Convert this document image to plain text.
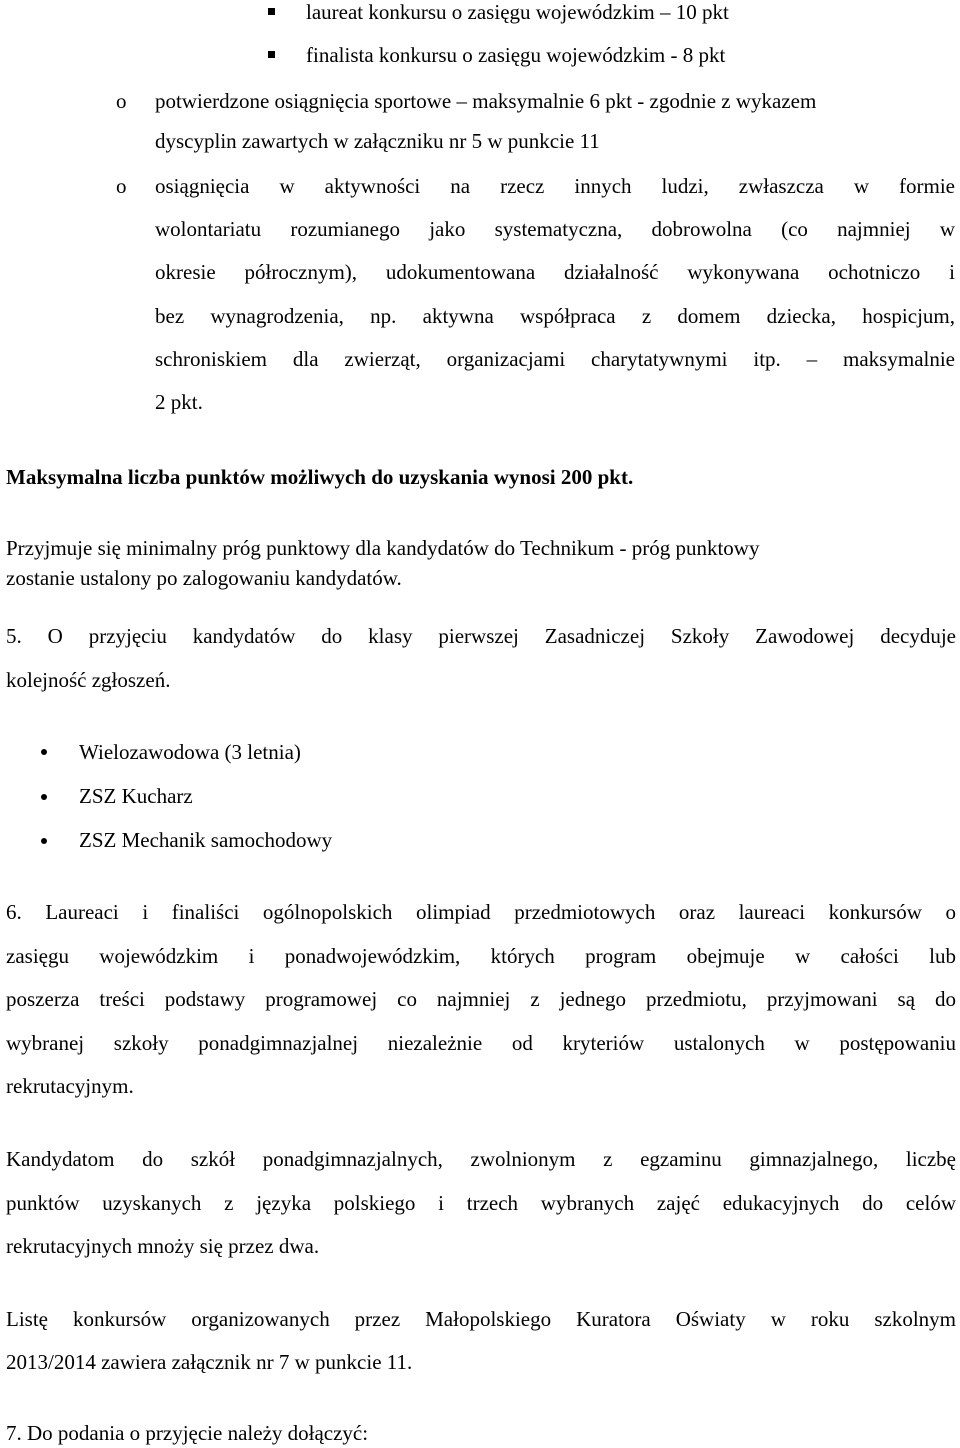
laureat konkursu o zasięgu wojewódzkim – 10 pkt
finalista konkursu o zasięgu wojewódzkim - 8 pkt
o potwierdzone osiągnięcia sportowe – maksymalnie 6 pkt - zgodnie z wykazem
dyscyplin zawartych w załączniku nr 5 w punkcie 11
o osiągnięcia w aktywności na rzecz innych ludzi, zwłaszcza w formie
wolontariatu rozumianego jako systematyczna, dobrowolna (co najmniej w
okresie półrocznym), udokumentowana działalność wykonywana ochotniczo i
bez wynagrodzenia, np. aktywna współpraca z domem dziecka, hospicjum,
schroniskiem dla zwierząt, organizacjami charytatywnymi itp. – maksymalnie
2 pkt.
Maksymalna liczba punktów możliwych do uzyskania wynosi 200 pkt.
Przyjmuje się minimalny próg punktowy dla kandydatów do Technikum - próg punktowy
zostanie ustalony po zalogowaniu kandydatów.
5. O przyjęciu kandydatów do klasy pierwszej Zasadniczej Szkoły Zawodowej decyduje
kolejność zgłoszeń.
Wielozawodowa (3 letnia)
ZSZ Kucharz
ZSZ Mechanik samochodowy
6. Laureaci i finaliści ogólnopolskich olimpiad przedmiotowych oraz laureaci konkursów o
zasięgu wojewódzkim i ponadwojewódzkim, których program obejmuje w całości lub
poszerza treści podstawy programowej co najmniej z jednego przedmiotu, przyjmowani są do
wybranej szkoły ponadgimnazjalnej niezależnie od kryteriów ustalonych w postępowaniu
rekrutacyjnym.
Kandydatom do szkół ponadgimnazjalnych, zwolnionym z egzaminu gimnazjalnego, liczbę
punktów uzyskanych z języka polskiego i trzech wybranych zajęć edukacyjnych do celów
rekrutacyjnych mnoży się przez dwa.
Listę konkursów organizowanych przez Małopolskiego Kuratora Oświaty w roku szkolnym
2013/2014 zawiera załącznik nr 7 w punkcie 11.
7. Do podania o przyjęcie należy dołączyć:
